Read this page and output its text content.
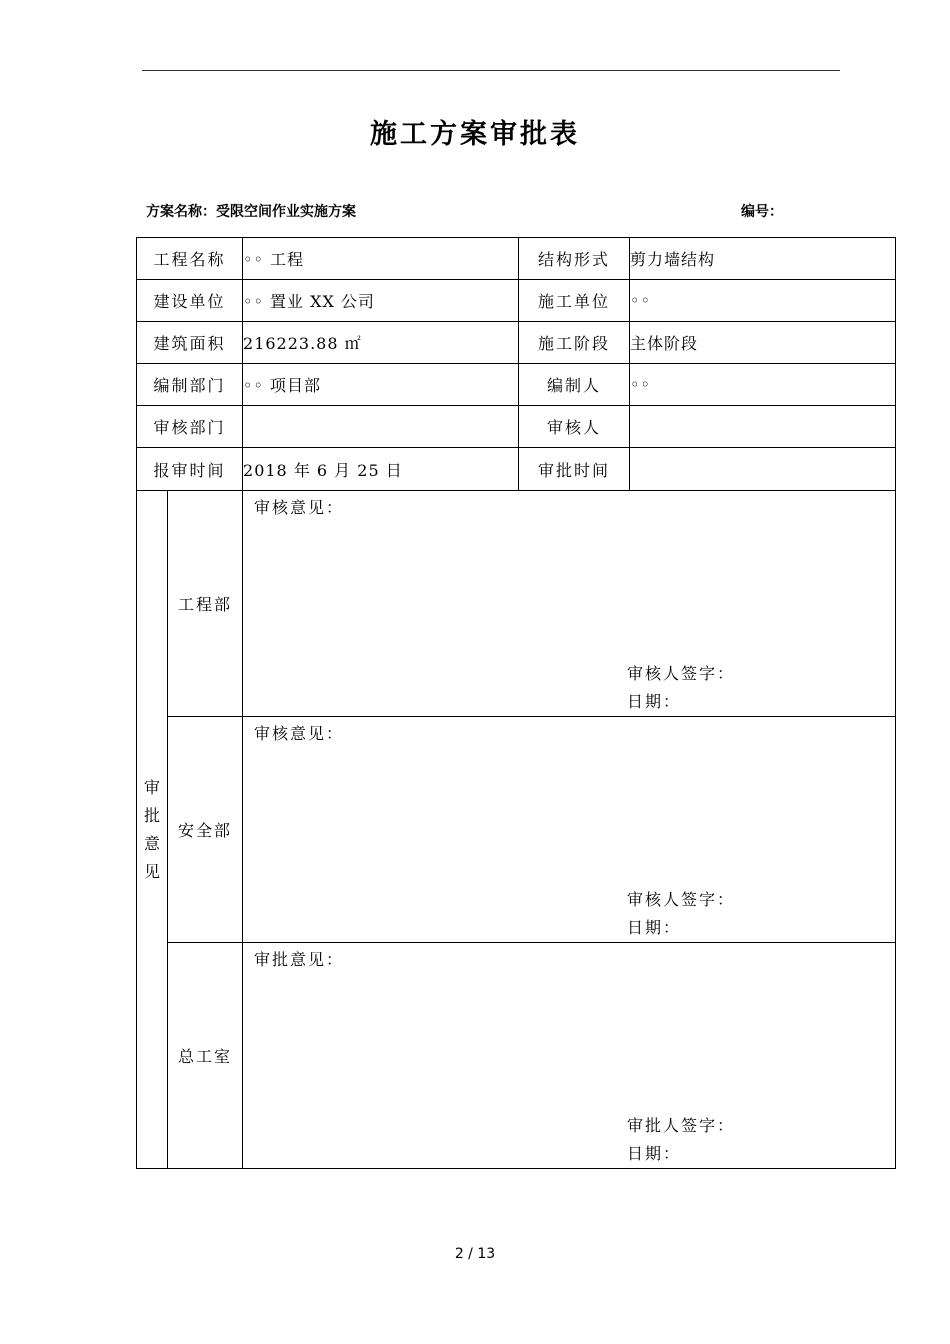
施工方案审批表
方案名称：受限空间作业实施方案	编号：
工程名称		◦◦ 工程	结构形式	剪力墙结构
建设单位		◦◦ 置业 XX 公司	施工单位	◦◦
建筑面积		216223.88 ㎡	施工阶段	主体阶段
编制部门		◦◦ 项目部	编制人	◦◦
审核部门			审核人	
报审时间		2018 年 6 月 25 日	审批时间	
审批意见	工程部	审核意见：
审核人签字：
日期：		

	安全部	审核意见：
审核人签字：
日期：		

	总工室	审批意见：
审批人签字：
日期：		
2 / 13
